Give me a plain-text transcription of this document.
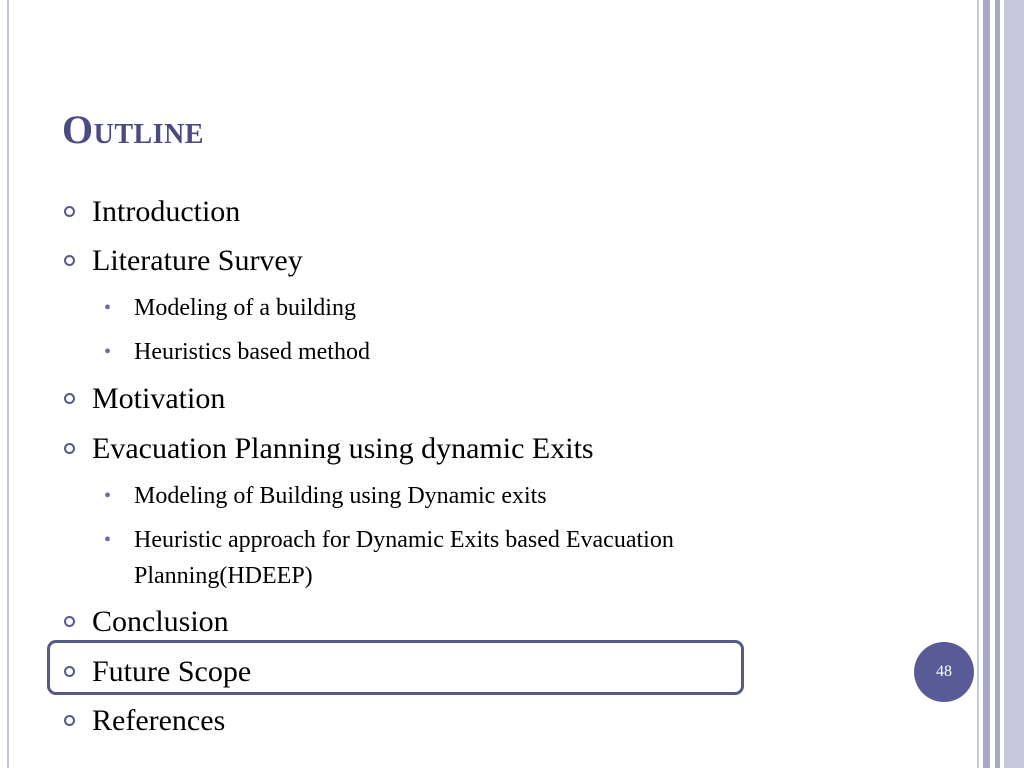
Outline
Introduction
Literature Survey
• Modeling of a building
• Heuristics based method
Motivation
Evacuation Planning using dynamic Exits
• Modeling of Building using Dynamic exits
• Heuristic approach for Dynamic Exits based Evacuation Planning(HDEEP)
Conclusion
Future Scope
References
48
